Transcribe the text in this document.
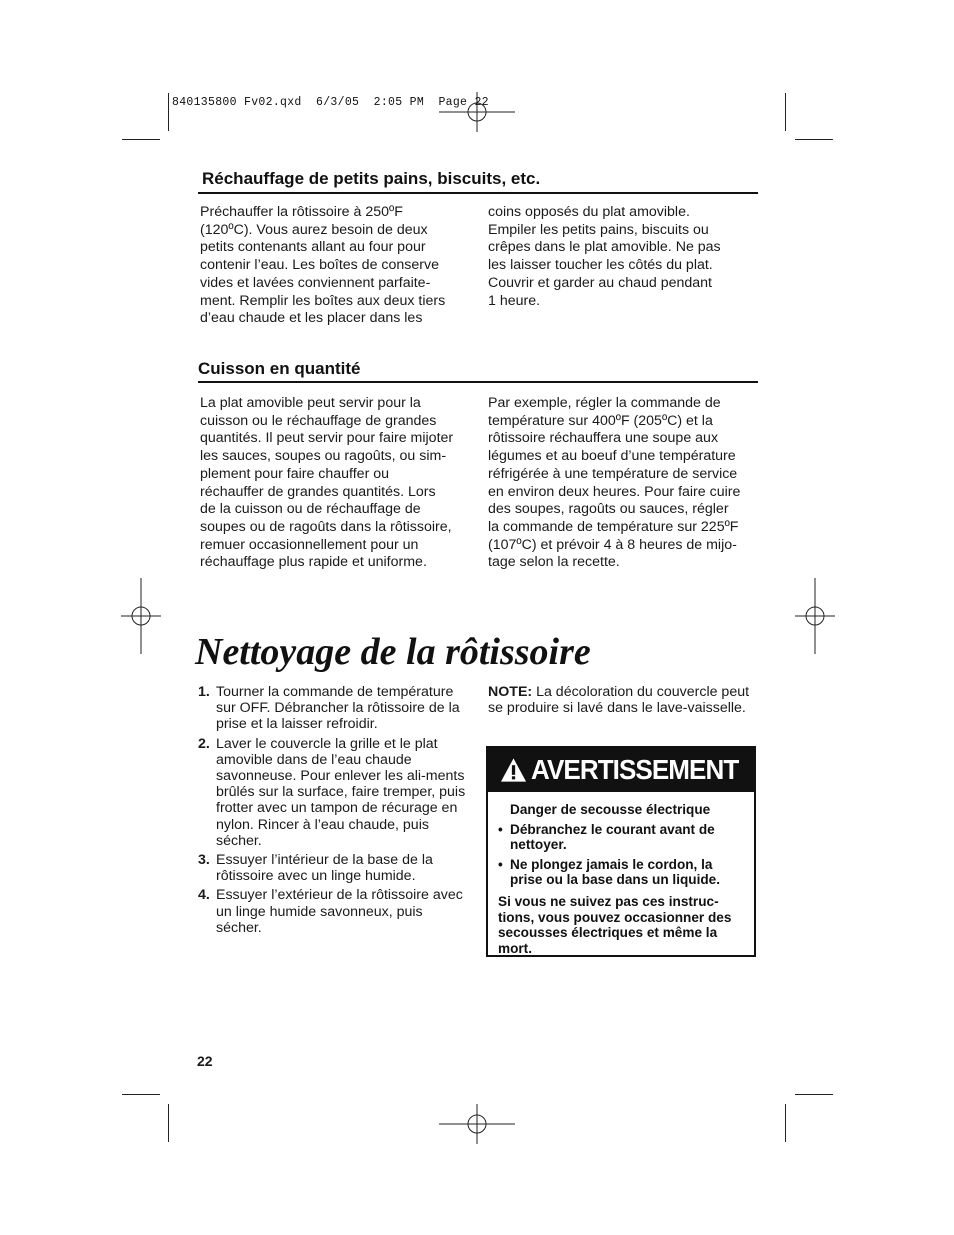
840135800 Fv02.qxd  6/3/05  2:05 PM  Page 22
Réchauffage de petits pains, biscuits, etc.

Préchauffer la rôtissoire à 250ºF

(120ºC). Vous aurez besoin de deux

petits contenants allant au four pour

contenir l’eau. Les boîtes de conserve

vides et lavées conviennent parfaite-

ment. Remplir les boîtes aux deux tiers

d’eau chaude et les placer dans les

coins opposés du plat amovible.

Empiler les petits pains, biscuits ou

crêpes dans le plat amovible. Ne pas

les laisser toucher les côtés du plat.

Couvrir et garder au chaud pendant

1 heure.

Cuisson en quantité

La plat amovible peut servir pour la

cuisson ou le réchauffage de grandes

quantités. Il peut servir pour faire mijoter

les sauces, soupes ou ragoûts, ou sim-

plement pour faire chauffer ou

réchauffer de grandes quantités. Lors

de la cuisson ou de réchauffage de

soupes ou de ragoûts dans la rôtissoire,

remuer occasionnellement pour un

réchauffage plus rapide et uniforme.

Par exemple, régler la commande de

température sur 400ºF (205ºC) et la

rôtissoire réchauffera une soupe aux

légumes et au boeuf d’une température

réfrigérée à une température de service

en environ deux heures. Pour faire cuire

des soupes, ragoûts ou sauces, régler

la commande de température sur 225ºF

(107ºC) et prévoir 4 à 8 heures de mijo-

tage selon la recette.

Nettoyage de la rôtissoire
1. Tourner la commande de température sur OFF. Débrancher la rôtissoire de la prise et la laisser refroidir.
2. Laver le couvercle la grille et le plat amovible dans de l’eau chaude savonneuse. Pour enlever les ali-ments brûlés sur la surface, faire tremper, puis frotter avec un tampon de récurage en nylon. Rincer à l’eau chaude, puis sécher.
3. Essuyer l’intérieur de la base de la rôtissoire avec un linge humide.
4. Essuyer l’extérieur de la rôtissoire avec un linge humide savonneux, puis sécher.
NOTE: La décoloration du couvercle peut se produire si lavé dans le lave-vaisselle.
AVERTISSEMENT
Danger de secousse électrique
• Débranchez le courant avant de nettoyer.
• Ne plongez jamais le cordon, la prise ou la base dans un liquide.
Si vous ne suivez pas ces instruc-tions, vous pouvez occasionner des secousses électriques et même la mort.
22
